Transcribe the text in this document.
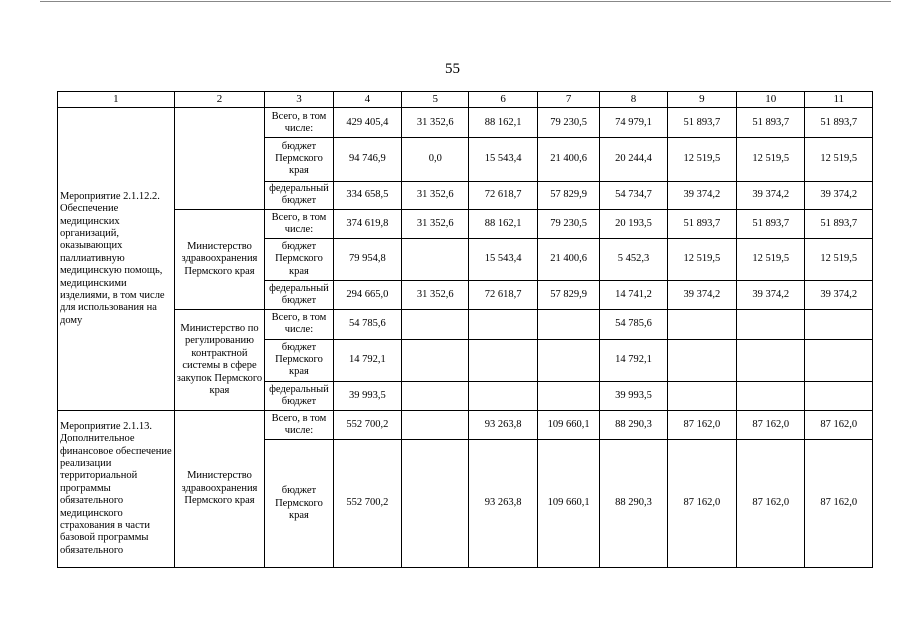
55
1	2	3	4	5	6	7	8	9	10	11
Мероприятие 2.1.12.2. Обеспечение медицинских организаций, оказывающих паллиативную медицинскую помощь, медицинскими изделиями, в том числе для использования на дому		Всего, в том числе:	429 405,4	31 352,6	88 162,1	79 230,5	74 979,1	51 893,7	51 893,7	51 893,7
		бюджет Пермского края	94 746,9	0,0	15 543,4	21 400,6	20 244,4	12 519,5	12 519,5	12 519,5
		федеральный бюджет	334 658,5	31 352,6	72 618,7	57 829,9	54 734,7	39 374,2	39 374,2	39 374,2
	Министерство здравоохранения Пермского края	Всего, в том числе:	374 619,8	31 352,6	88 162,1	79 230,5	20 193,5	51 893,7	51 893,7	51 893,7
		бюджет Пермского края	79 954,8		15 543,4	21 400,6	5 452,3	12 519,5	12 519,5	12 519,5
		федеральный бюджет	294 665,0	31 352,6	72 618,7	57 829,9	14 741,2	39 374,2	39 374,2	39 374,2
	Министерство по регулированию контрактной системы в сфере закупок Пермского края	Всего, в том числе:	54 785,6				54 785,6			
		бюджет Пермского края	14 792,1				14 792,1			
		федеральный бюджет	39 993,5				39 993,5			
Мероприятие 2.1.13. Дополнительное финансовое обеспечение реализации территориальной программы обязательного медицинского страхования в части базовой программы обязательного	Министерство здравоохранения Пермского края	Всего, в том числе:	552 700,2		93 263,8	109 660,1	88 290,3	87 162,0	87 162,0	87 162,0
		бюджет Пермского края	552 700,2		93 263,8	109 660,1	88 290,3	87 162,0	87 162,0	87 162,0
